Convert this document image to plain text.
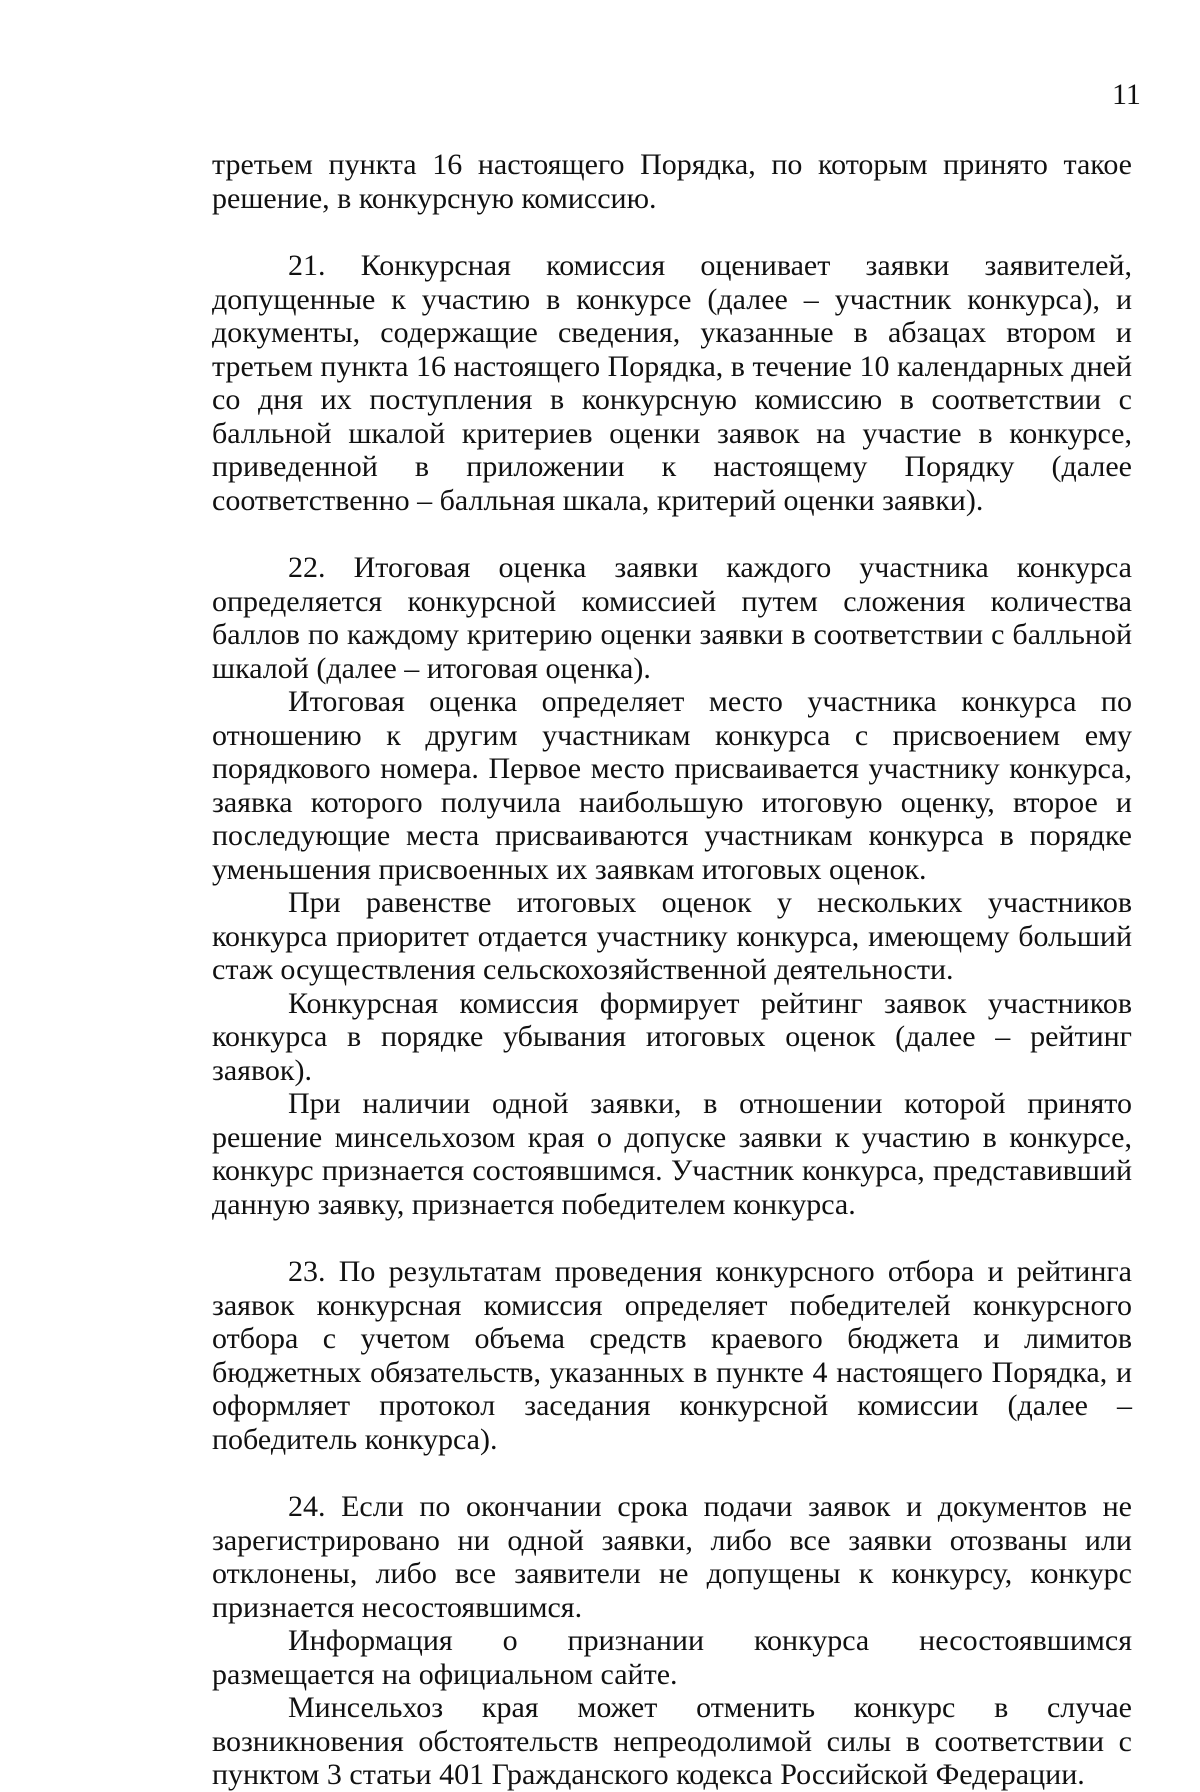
11

третьем пункта 16 настоящего Порядка, по которым принято такое решение, в конкурсную комиссию.

21. Конкурсная комиссия оценивает заявки заявителей, допущенные к участию в конкурсе (далее – участник конкурса), и документы, содержащие сведения, указанные в абзацах втором и третьем пункта 16 настоящего Порядка, в течение 10 календарных дней со дня их поступления в конкурсную комиссию в соответствии с балльной шкалой критериев оценки заявок на участие в конкурсе, приведенной в приложении к настоящему Порядку (далее соответственно – балльная шкала, критерий оценки заявки).

22. Итоговая оценка заявки каждого участника конкурса определяется конкурсной комиссией путем сложения количества баллов по каждому критерию оценки заявки в соответствии с балльной шкалой (далее – итоговая оценка).

Итоговая оценка определяет место участника конкурса по отношению к другим участникам конкурса с присвоением ему порядкового номера. Первое место присваивается участнику конкурса, заявка которого получила наибольшую итоговую оценку, второе и последующие места присваиваются участникам конкурса в порядке уменьшения присвоенных их заявкам итоговых оценок.

При равенстве итоговых оценок у нескольких участников конкурса приоритет отдается участнику конкурса, имеющему больший стаж осуществления сельскохозяйственной деятельности.

Конкурсная комиссия формирует рейтинг заявок участников конкурса в порядке убывания итоговых оценок (далее – рейтинг заявок).

При наличии одной заявки, в отношении которой принято решение минсельхозом края о допуске заявки к участию в конкурсе, конкурс признается состоявшимся. Участник конкурса, представивший данную заявку, признается победителем конкурса.

23. По результатам проведения конкурсного отбора и рейтинга заявок конкурсная комиссия определяет победителей конкурсного отбора с учетом объема средств краевого бюджета и лимитов бюджетных обязательств, указанных в пункте 4 настоящего Порядка, и оформляет протокол заседания конкурсной комиссии (далее – победитель конкурса).

24. Если по окончании срока подачи заявок и документов не зарегистрировано ни одной заявки, либо все заявки отозваны или отклонены, либо все заявители не допущены к конкурсу, конкурс признается несостоявшимся.

Информация о признании конкурса несостоявшимся размещается на официальном сайте.

Минсельхоз края может отменить конкурс в случае возникновения обстоятельств непреодолимой силы в соответствии с пунктом 3 статьи 401 Гражданского кодекса Российской Федерации.
